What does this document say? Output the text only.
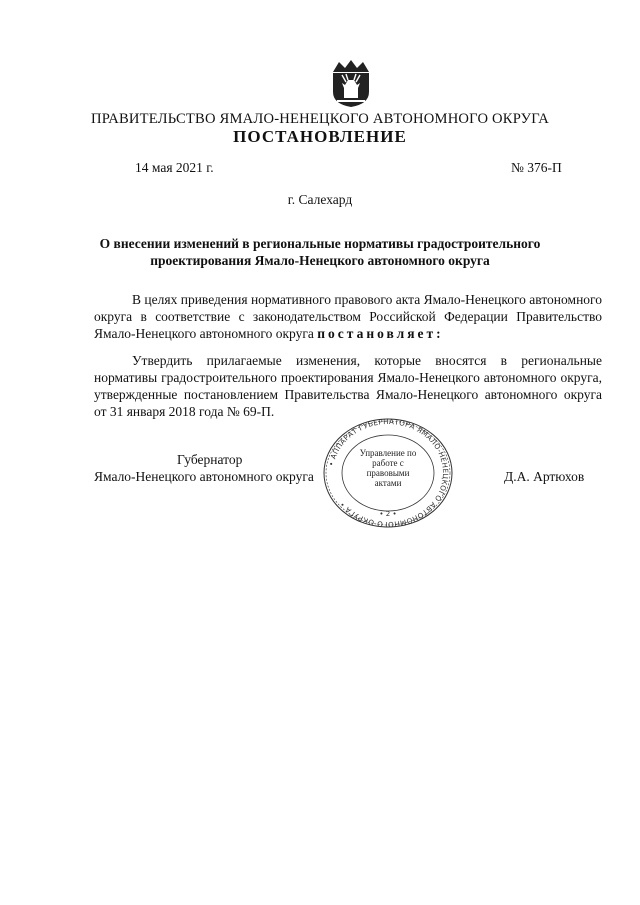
ПРАВИТЕЛЬСТВО ЯМАЛО-НЕНЕЦКОГО АВТОНОМНОГО ОКРУГА
ПОСТАНОВЛЕНИЕ
14 мая 2021 г.	№ 376-П
г. Салехард
О внесении изменений в региональные нормативы градостроительного проектирования Ямало-Ненецкого автономного округа
В целях приведения нормативного правового акта Ямало-Ненецкого автономного округа в соответствие с законодательством Российской Федерации Правительство Ямало-Ненецкого автономного округа постановляет:
Утвердить прилагаемые изменения, которые вносятся в региональные нормативы градостроительного проектирования Ямало-Ненецкого автономного округа, утвержденные постановлением Правительства Ямало-Ненецкого автономного округа от 31 января 2018 года № 69-П.
Губернатор
Ямало-Ненецкого автономного округа	Д.А. Артюхов
• АППАРАТ ГУБЕРНАТОРА ЯМАЛО-НЕНЕЦКОГО АВТОНОМНОГО ОКРУГА •
• 2 •
Управление по работе с правовыми актами
